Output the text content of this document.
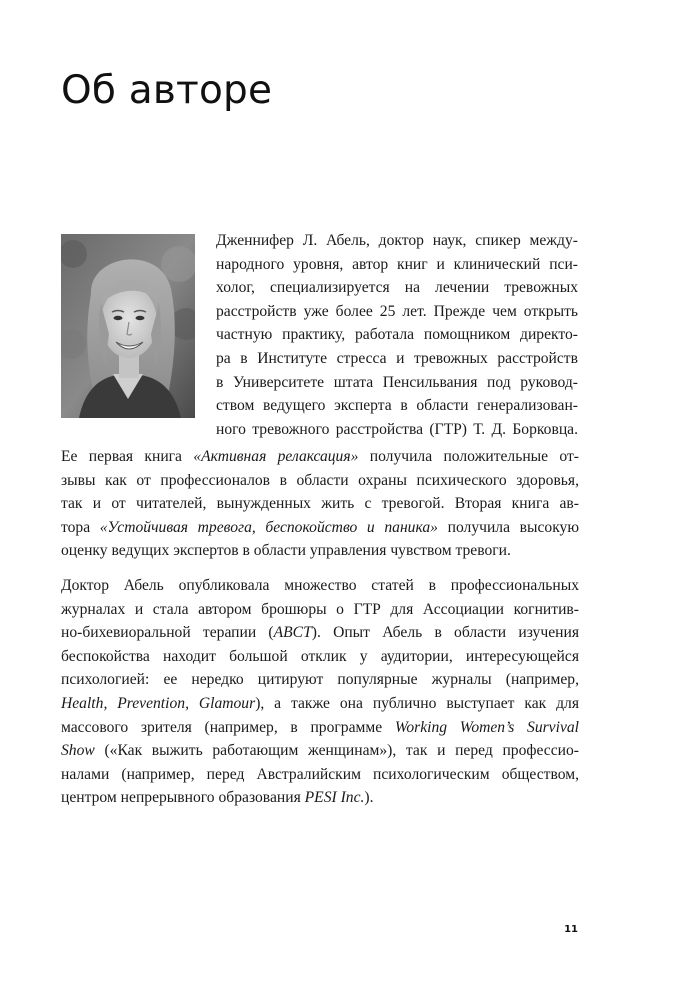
Об авторе
Дженнифер Л. Абель, доктор наук, спикер между-
народного уровня, автор книг и клинический пси-
холог, специализируется на лечении тревожных
расстройств уже более 25 лет. Прежде чем открыть
частную практику, работала помощником директо-
ра в Институте стресса и тревожных расстройств
в Университете штата Пенсильвания под руковод-
ством ведущего эксперта в области генерализован-
ного тревожного расстройства (ГТР) Т. Д. Борковца.
Ее первая книга «Активная релаксация» получила положительные от-
зывы как от профессионалов в области охраны психического здоровья,
так и от читателей, вынужденных жить с тревогой. Вторая книга ав-
тора «Устойчивая тревога, беспокойство и паника» получила высокую
оценку ведущих экспертов в области управления чувством тревоги.
Доктор Абель опубликовала множество статей в профессиональных
журналах и стала автором брошюры о ГТР для Ассоциации когнитив-
но-бихевиоральной терапии (ABCT). Опыт Абель в области изучения
беспокойства находит большой отклик у аудитории, интересующейся
психологией: ее нередко цитируют популярные журналы (например,
Health, Prevention, Glamour), а также она публично выступает как для
массового зрителя (например, в программе Working Women’s Survival
Show («Как выжить работающим женщинам»), так и перед профессио-
налами (например, перед Австралийским психологическим обществом,
центром непрерывного образования PESI Inc.).
11
